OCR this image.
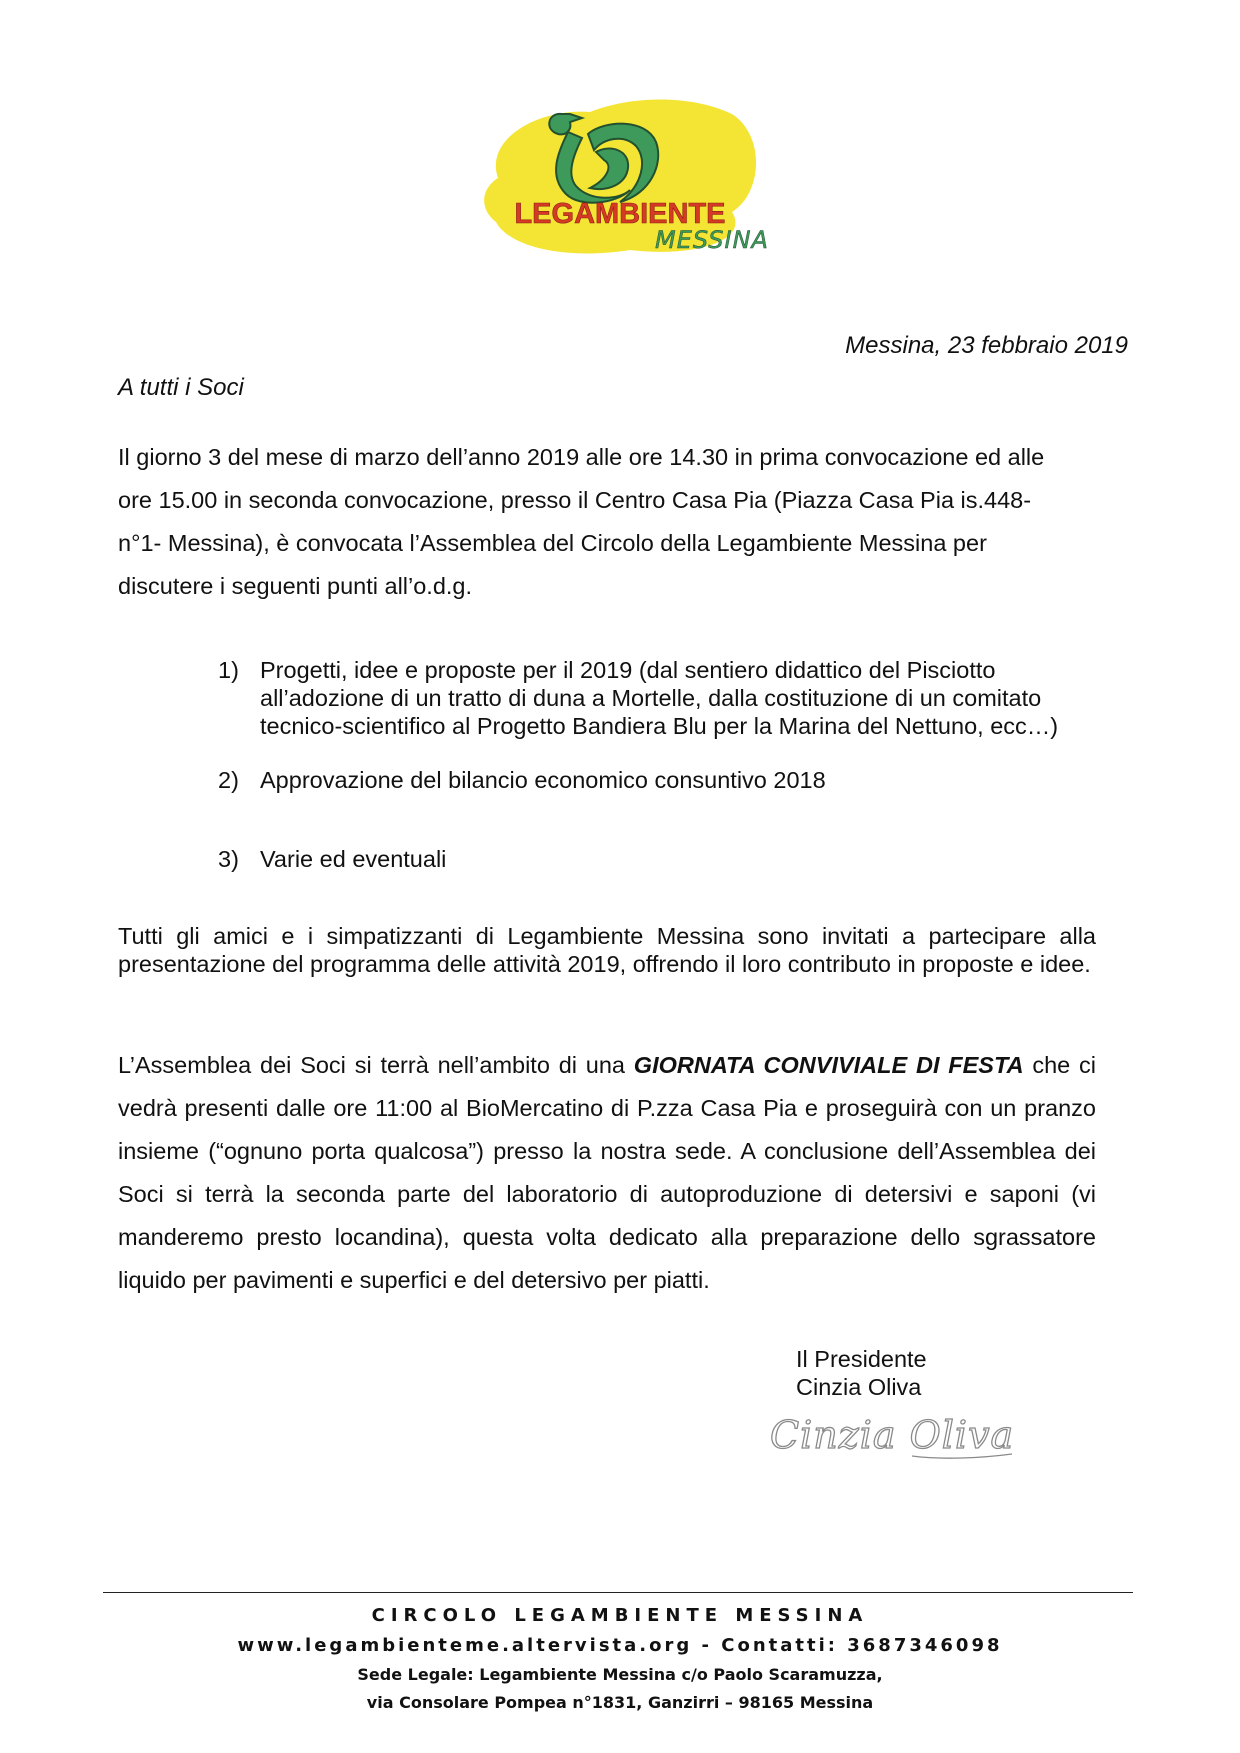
LEGAMBIENTE
MESSINA
Messina, 23 febbraio 2019
A tutti i Soci
Il giorno 3 del mese di marzo dell’anno 2019 alle ore 14.30 in prima convocazione ed alle
ore 15.00 in seconda convocazione, presso il Centro Casa Pia (Piazza Casa Pia is.448-
n°1- Messina), è convocata l’Assemblea del Circolo della Legambiente Messina per
discutere i seguenti punti all’o.d.g.
1) Progetti, idee e proposte per il 2019 (dal sentiero didattico del Pisciotto
all’adozione di un tratto di duna a Mortelle, dalla costituzione di un comitato
tecnico-scientifico al Progetto Bandiera Blu per la Marina del Nettuno, ecc…)
2) Approvazione del bilancio economico consuntivo 2018
3) Varie ed eventuali
Tutti gli amici e i simpatizzanti di Legambiente Messina sono invitati a partecipare alla presentazione del programma delle attività 2019, offrendo il loro contributo in proposte e idee.
L’Assemblea dei Soci si terrà nell’ambito di una GIORNATA CONVIVIALE DI FESTA che ci vedrà presenti dalle ore 11:00 al BioMercatino di P.zza Casa Pia e proseguirà con un pranzo insieme (“ognuno porta qualcosa”) presso la nostra sede. A conclusione dell’Assemblea dei Soci si terrà la seconda parte del laboratorio di autoproduzione di detersivi e saponi (vi manderemo presto locandina), questa volta dedicato alla preparazione dello sgrassatore liquido per pavimenti e superfici e del detersivo per piatti.
Il Presidente
Cinzia Oliva
Cinzia Oliva
CIRCOLO LEGAMBIENTE MESSINA
www.legambienteme.altervista.org - Contatti: 3687346098
Sede Legale: Legambiente Messina c/o Paolo Scaramuzza,
via Consolare Pompea n°1831, Ganzirri – 98165 Messina
